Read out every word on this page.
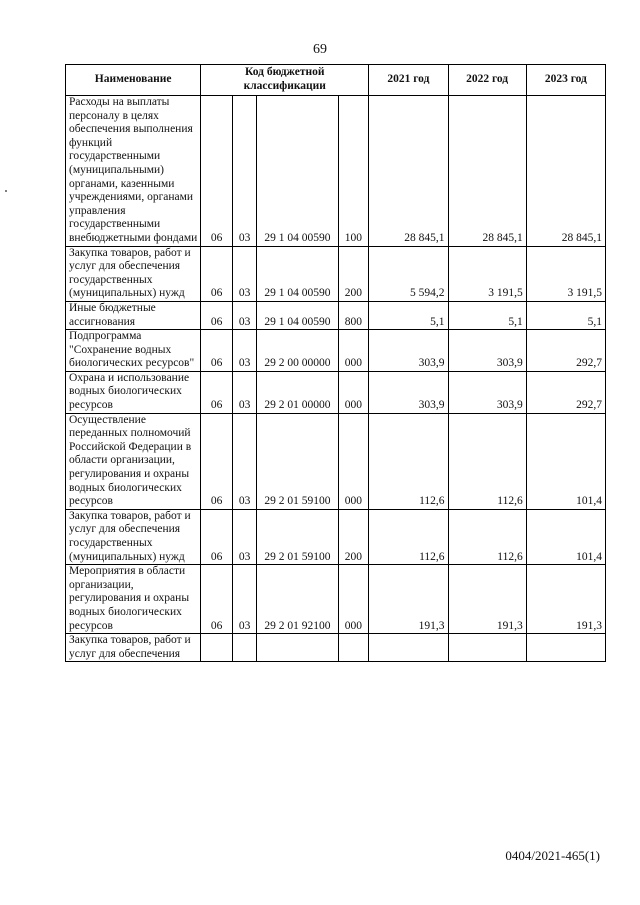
69
Наименование	Код бюджетной классификации				2021 год	2022 год	2023 год
Расходы на выплаты персоналу в целях обеспечения выполнения функций государственными (муниципальными) органами, казенными учреждениями, органами управления государственными внебюджетными фондами	06	03	29 1 04 00590	100	28 845,1	28 845,1	28 845,1
Закупка товаров, работ и услуг для обеспечения государственных (муниципальных) нужд	06	03	29 1 04 00590	200	5 594,2	3 191,5	3 191,5
Иные бюджетные ассигнования	06	03	29 1 04 00590	800	5,1	5,1	5,1
Подпрограмма "Сохранение водных биологических ресурсов"	06	03	29 2 00 00000	000	303,9	303,9	292,7
Охрана и использование водных биологических ресурсов	06	03	29 2 01 00000	000	303,9	303,9	292,7
Осуществление переданных полномочий Российской Федерации в области организации, регулирования и охраны водных биологических ресурсов	06	03	29 2 01 59100	000	112,6	112,6	101,4
Закупка товаров, работ и услуг для обеспечения государственных (муниципальных) нужд	06	03	29 2 01 59100	200	112,6	112,6	101,4
Мероприятия в области организации, регулирования и охраны водных биологических ресурсов	06	03	29 2 01 92100	000	191,3	191,3	191,3
Закупка товаров, работ и услуг для обеспечения							
0404/2021-465(1)
